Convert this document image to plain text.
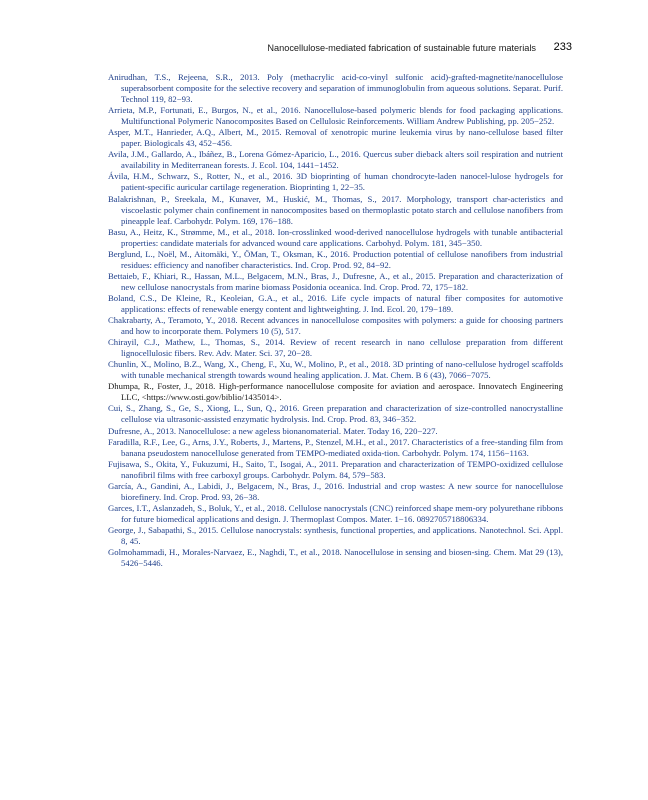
Nanocellulose-mediated fabrication of sustainable future materials 233

Anirudhan, T.S., Rejeena, S.R., 2013. Poly (methacrylic acid-co-vinyl sulfonic acid)-grafted-magnetite/nanocellulose superabsorbent composite for the selective recovery and separation of immunoglobulin from aqueous solutions. Separat. Purif. Technol 119, 82−93.

Arrieta, M.P., Fortunati, E., Burgos, N., et al., 2016. Nanocellulose-based polymeric blends for food packaging applications. Multifunctional Polymeric Nanocomposites Based on Cellulosic Reinforcements. William Andrew Publishing, pp. 205−252.

Asper, M.T., Hanrieder, A.Q., Albert, M., 2015. Removal of xenotropic murine leukemia virus by nano-cellulose based filter paper. Biologicals 43, 452−456.

Avila, J.M., Gallardo, A., Ibáñez, B., Lorena Gómez-Aparicio, L., 2016. Quercus suber dieback alters soil respiration and nutrient availability in Mediterranean forests. J. Ecol. 104, 1441−1452.

Ávila, H.M., Schwarz, S., Rotter, N., et al., 2016. 3D bioprinting of human chondrocyte-laden nanocel-lulose hydrogels for patient-specific auricular cartilage regeneration. Bioprinting 1, 22−35.

Balakrishnan, P., Sreekala, M., Kunaver, M., Huskić, M., Thomas, S., 2017. Morphology, transport char-acteristics and viscoelastic polymer chain confinement in nanocomposites based on thermoplastic potato starch and cellulose nanofibers from pineapple leaf. Carbohydr. Polym. 169, 176−188.

Basu, A., Heitz, K., Strømme, M., et al., 2018. Ion-crosslinked wood-derived nanocellulose hydrogels with tunable antibacterial properties: candidate materials for advanced wound care applications. Carbohyd. Polym. 181, 345−350.

Berglund, L., Noël, M., Aitomäki, Y., ÖMan, T., Oksman, K., 2016. Production potential of cellulose nanofibers from industrial residues: efficiency and nanofiber characteristics. Ind. Crop. Prod. 92, 84−92.

Bettaieb, F., Khiari, R., Hassan, M.L., Belgacem, M.N., Bras, J., Dufresne, A., et al., 2015. Preparation and characterization of new cellulose nanocrystals from marine biomass Posidonia oceanica. Ind. Crop. Prod. 72, 175−182.

Boland, C.S., De Kleine, R., Keoleian, G.A., et al., 2016. Life cycle impacts of natural fiber composites for automotive applications: effects of renewable energy content and lightweighting. J. Ind. Ecol. 20, 179−189.

Chakrabarty, A., Teramoto, Y., 2018. Recent advances in nanocellulose composites with polymers: a guide for choosing partners and how to incorporate them. Polymers 10 (5), 517.

Chirayil, C.J., Mathew, L., Thomas, S., 2014. Review of recent research in nano cellulose preparation from different lignocellulosic fibers. Rev. Adv. Mater. Sci. 37, 20−28.

Chunlin, X., Molino, B.Z., Wang, X., Cheng, F., Xu, W., Molino, P., et al., 2018. 3D printing of nano-cellulose hydrogel scaffolds with tunable mechanical strength towards wound healing application. J. Mat. Chem. B 6 (43), 7066−7075.

Dhumpa, R., Foster, J., 2018. High-performance nanocellulose composite for aviation and aerospace. Innovatech Engineering LLC, <https://www.osti.gov/biblio/1435014>.

Cui, S., Zhang, S., Ge, S., Xiong, L., Sun, Q., 2016. Green preparation and characterization of size-controlled nanocrystalline cellulose via ultrasonic-assisted enzymatic hydrolysis. Ind. Crop. Prod. 83, 346−352.

Dufresne, A., 2013. Nanocellulose: a new ageless bionanomaterial. Mater. Today 16, 220−227.

Faradilla, R.F., Lee, G., Arns, J.Y., Roberts, J., Martens, P., Stenzel, M.H., et al., 2017. Characteristics of a free-standing film from banana pseudostem nanocellulose generated from TEMPO-mediated oxida-tion. Carbohydr. Polym. 174, 1156−1163.

Fujisawa, S., Okita, Y., Fukuzumi, H., Saito, T., Isogai, A., 2011. Preparation and characterization of TEMPO-oxidized cellulose nanofibril films with free carboxyl groups. Carbohydr. Polym. 84, 579−583.

García, A., Gandini, A., Labidi, J., Belgacem, N., Bras, J., 2016. Industrial and crop wastes: A new source for nanocellulose biorefinery. Ind. Crop. Prod. 93, 26−38.

Garces, I.T., Aslanzadeh, S., Boluk, Y., et al., 2018. Cellulose nanocrystals (CNC) reinforced shape mem-ory polyurethane ribbons for future biomedical applications and design. J. Thermoplast Compos. Mater. 1−16. 0892705718806334.

George, J., Sabapathi, S., 2015. Cellulose nanocrystals: synthesis, functional properties, and applications. Nanotechnol. Sci. Appl. 8, 45.

Golmohammadi, H., Morales-Narvaez, E., Naghdi, T., et al., 2018. Nanocellulose in sensing and biosen-sing. Chem. Mat 29 (13), 5426−5446.
